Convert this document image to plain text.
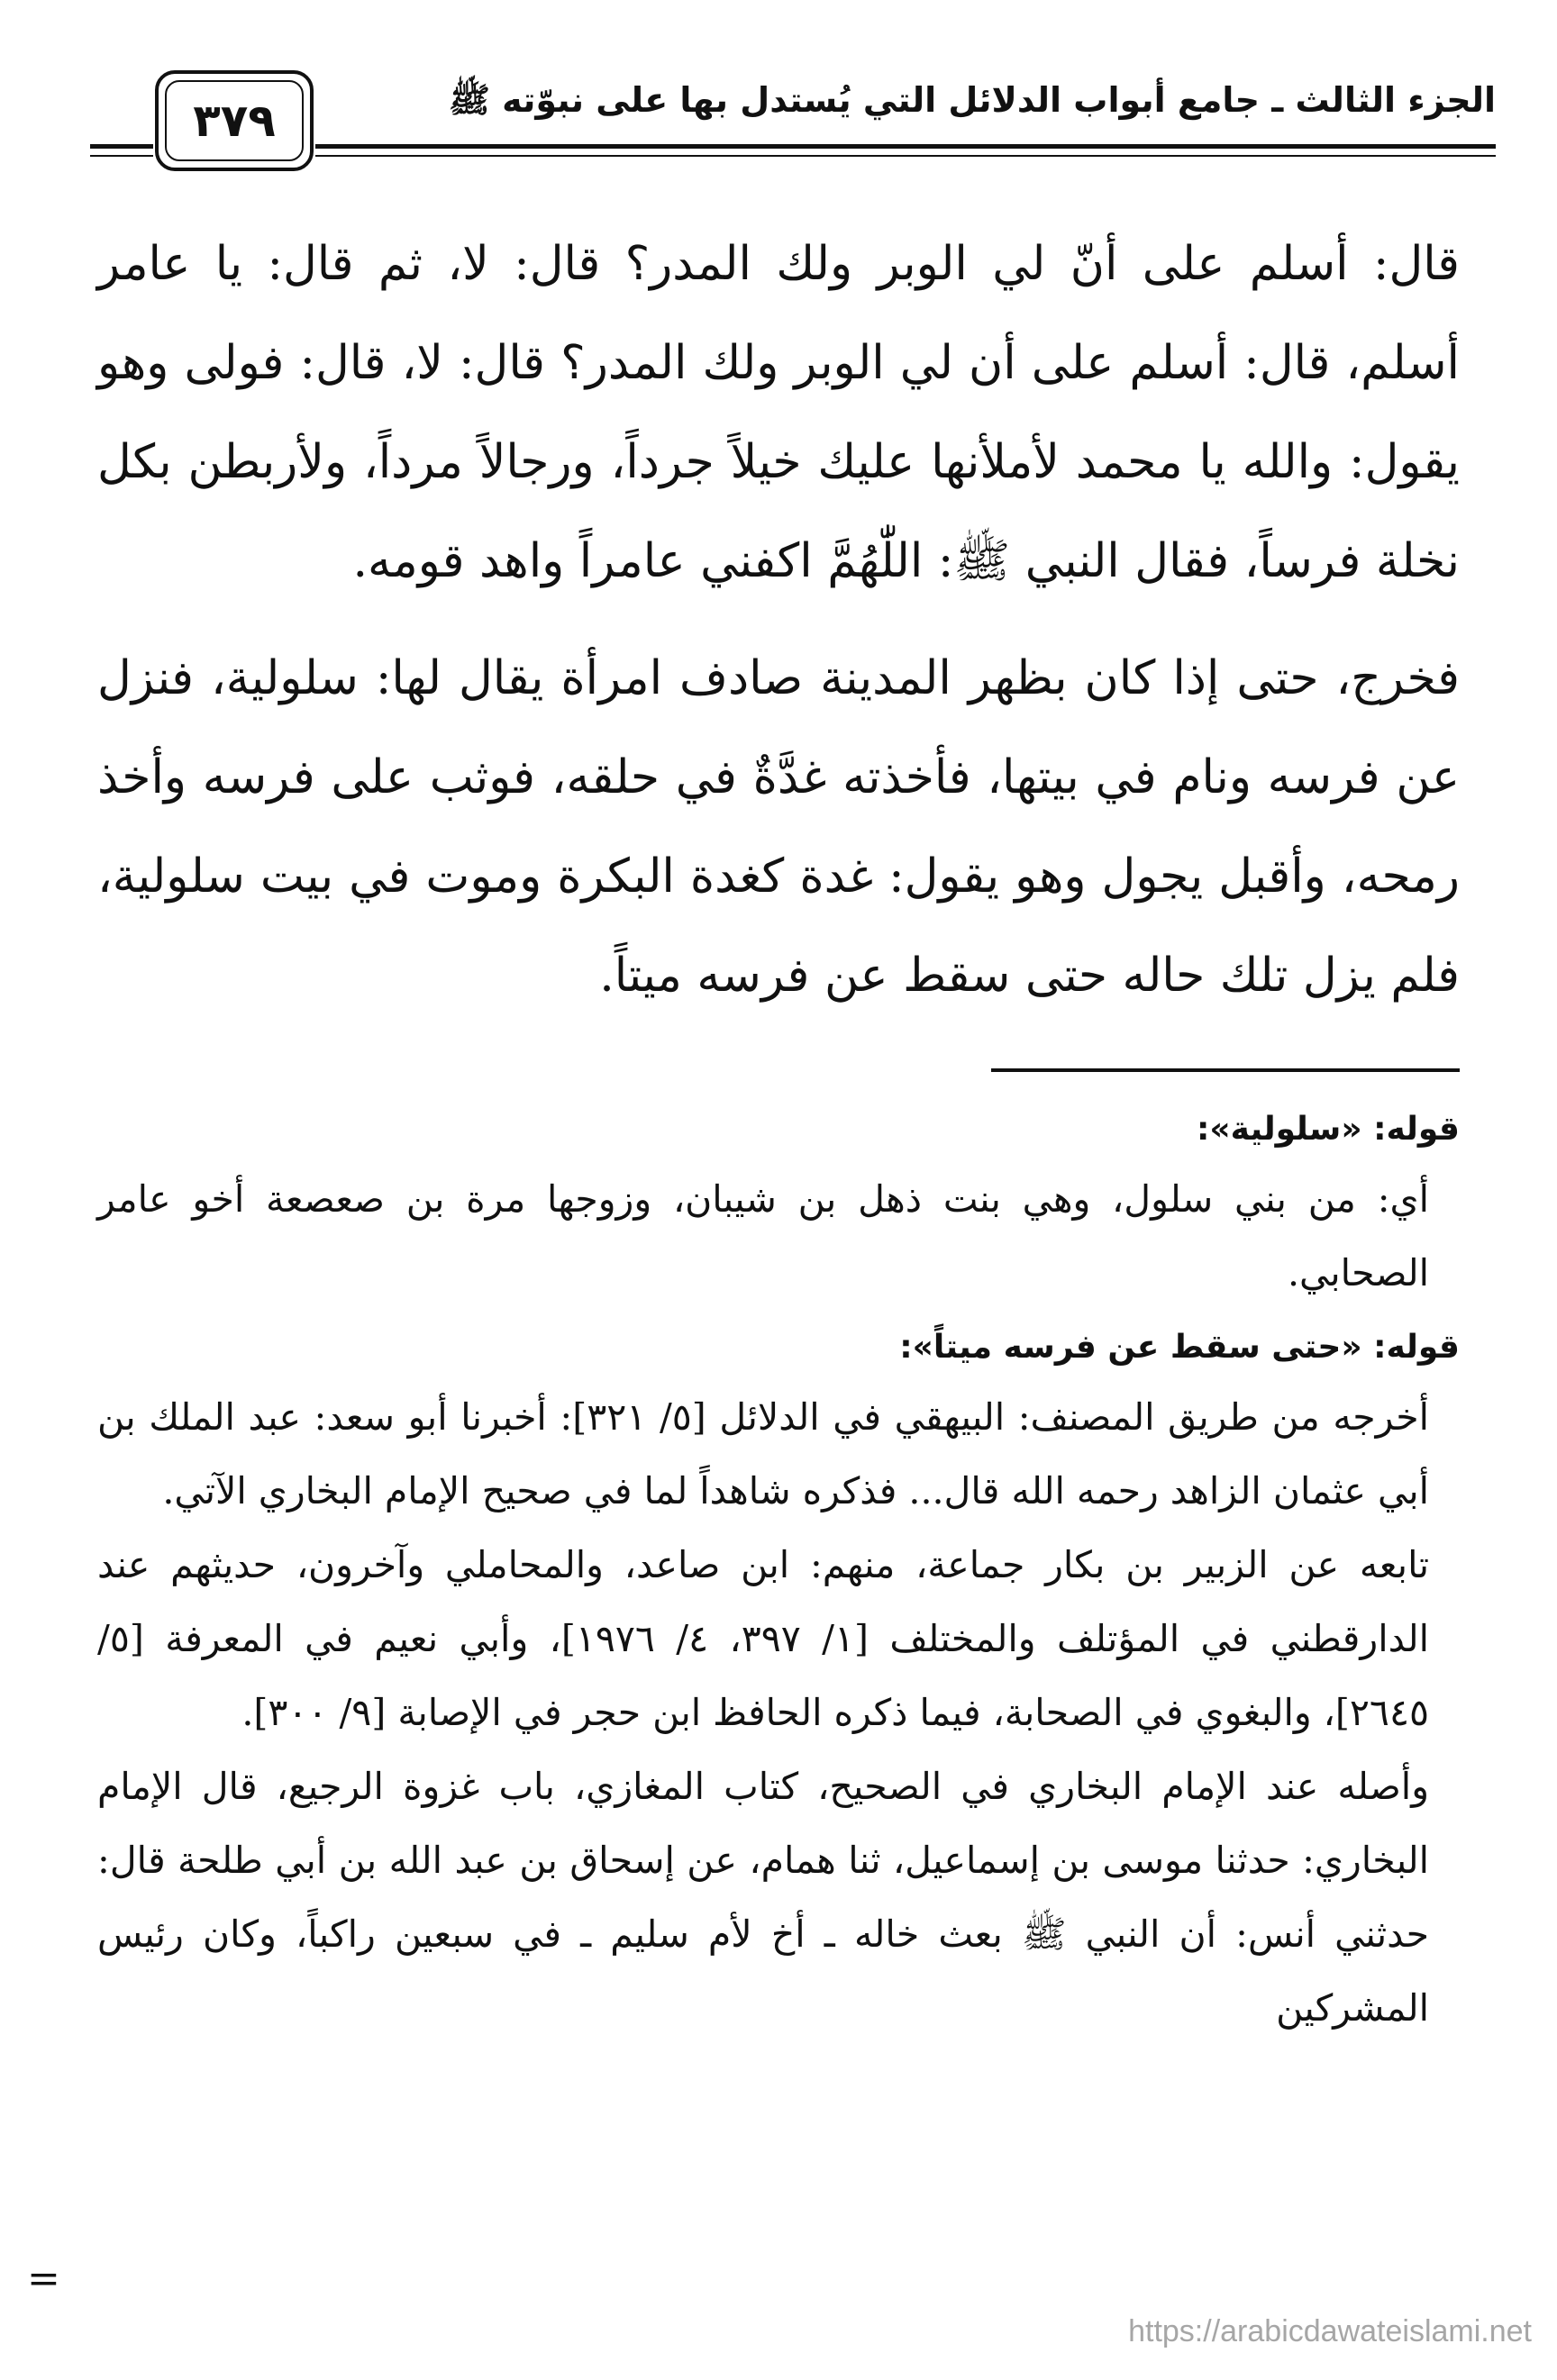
الجزء الثالث ـ جامع أبواب الدلائل التي يُستدل بها على نبوّته ﷺ
٣٧٩

قال: أسلم على أنّ لي الوبر ولك المدر؟ قال: لا، ثم قال: يا عامر أسلم، قال: أسلم على أن لي الوبر ولك المدر؟ قال: لا، قال: فولى وهو يقول: والله يا محمد لأملأنها عليك خيلاً جرداً، ورجالاً مرداً، ولأربطن بكل نخلة فرساً، فقال النبي ﷺ: اللّٰهُمَّ اكفني عامراً واهد قومه.

فخرج، حتى إذا كان بظهر المدينة صادف امرأة يقال لها: سلولية، فنزل عن فرسه ونام في بيتها، فأخذته غدَّةٌ في حلقه، فوثب على فرسه وأخذ رمحه، وأقبل يجول وهو يقول: غدة كغدة البكرة وموت في بيت سلولية، فلم يزل تلك حاله حتى سقط عن فرسه ميتاً.

قوله: «سلولية»:

أي: من بني سلول، وهي بنت ذهل بن شيبان، وزوجها مرة بن صعصعة أخو عامر الصحابي.

قوله: «حتى سقط عن فرسه ميتاً»:

أخرجه من طريق المصنف: البيهقي في الدلائل [٥/ ٣٢١]: أخبرنا أبو سعد: عبد الملك بن أبي عثمان الزاهد رحمه الله قال... فذكره شاهداً لما في صحيح الإمام البخاري الآتي.

تابعه عن الزبير بن بكار جماعة، منهم: ابن صاعد، والمحاملي وآخرون، حديثهم عند الدارقطني في المؤتلف والمختلف [١/ ٣٩٧، ٤/ ١٩٧٦]، وأبي نعيم في المعرفة [٥/ ٢٦٤٥]، والبغوي في الصحابة، فيما ذكره الحافظ ابن حجر في الإصابة [٩/ ٣٠٠].

وأصله عند الإمام البخاري في الصحيح، كتاب المغازي، باب غزوة الرجيع، قال الإمام البخاري: حدثنا موسى بن إسماعيل، ثنا همام، عن إسحاق بن عبد الله بن أبي طلحة قال: حدثني أنس: أن النبي ﷺ بعث خاله ـ أخ لأم سليم ـ في سبعين راكباً، وكان رئيس المشركين

=
https://arabicdawateislami.net
